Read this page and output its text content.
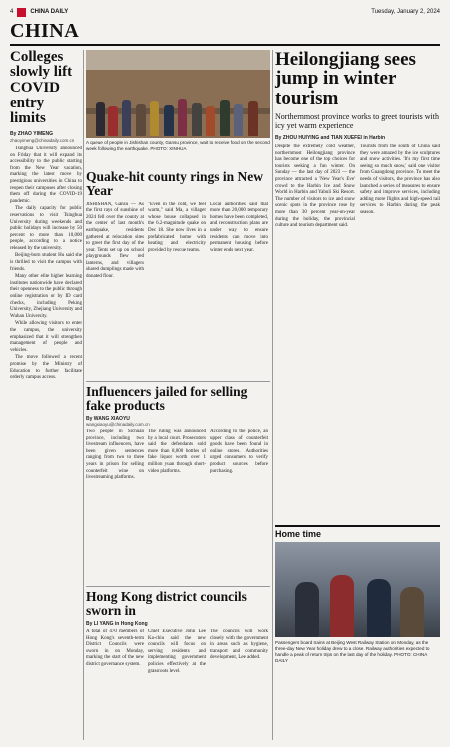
4	CHINA DAILY	Tuesday, January 2, 2024
CHINA
Colleges slowly lift COVID entry limits
By ZHAO YIMENG
zhaoyimeng@chinadaily.com.cn

Tsinghua University announced on Friday that it will expand its accessibility to the public starting from the New Year vacation, marking the latest move by prestigious universities in China to reopen their campuses after closing them off during the COVID-19 pandemic.

The daily capacity for public reservations to visit Tsinghua University during weekends and public holidays will increase by 50 percent to more than 10,000 people, according to a notice released by the university.

Beijing-born student Hu said she is thrilled to visit the campus with friends.

Many other elite higher learning institutes nationwide have declared their openness to the public through online registration or by ID card checks, including Peking University, Zhejiang University and Wuhan University.

While allowing visitors to enter the campus, the university emphasized that it will strengthen management of people and vehicles.

The move followed a recent promise by the Ministry of Education to further facilitate orderly campus access.

A queue of people in Jishishan county, Gansu province, wait to receive food on the second week following the earthquake. PHOTO: XINHUA
Quake-hit county rings in New Year
JISHISHAN, Gansu — As the first rays of sunshine of 2024 fell over the county at the center of last month's earthquake, residents gathered at relocation sites to greet the first day of the year. Tents set up on school playgrounds flew red lanterns, and villagers shared dumplings made with donated flour.
"Even in the cold, we feel warm," said Ma, a villager whose house collapsed in the 6.2-magnitude quake on Dec 18. She now lives in a prefabricated home with heating and electricity provided by rescue teams.
Local authorities said that more than 20,000 temporary homes have been completed, and reconstruction plans are under way to ensure residents can move into permanent housing before winter ends next year.
Influencers jailed for selling fake products
By WANG XIAOYU
wangxiaoyu@chinadaily.com.cn
Two people in Sichuan province, including two livestream influencers, have been given sentences ranging from two to three years in prison for selling counterfeit wine on livestreaming platforms.
The ruling was announced by a local court. Prosecutors said the defendants sold more than 8,000 bottles of fake liquor worth over 1 million yuan through short-video platforms.
According to the police, an upper class of counterfeit goods have been found in online stores. Authorities urged consumers to verify product sources before purchasing.
Hong Kong district councils sworn in
By LI YANG in Hong Kong
A total of 470 members of Hong Kong's seventh-term District Councils were sworn in on Monday, marking the start of the new district governance system.
Chief Executive John Lee Ka-chiu said the new councils will focus on serving residents and implementing government policies effectively at the grassroots level.
The councils will work closely with the government in areas such as hygiene, transport and community development, Lee added.
Heilongjiang sees jump in winter tourism
Northernmost province works to greet tourists with icy yet warm experience
By ZHOU HUIYING and TIAN XUEFEI in Harbin
Despite the extremely cold weather, northernmost Heilongjiang province has become one of the top choices for tourists seeking a fun winter. On Sunday — the last day of 2023 — the province attracted a 'New Year's Eve' crowd to the Harbin Ice and Snow World in Harbin and Yabuli Ski Resort. The number of visitors to ice and snow scenic spots in the province rose by more than 30 percent year-on-year during the holiday, the provincial culture and tourism department said.
Tourists from the south of China said they were amazed by the ice sculptures and snow activities. 'It's my first time seeing so much snow,' said one visitor from Guangdong province. To meet the needs of visitors, the province has also launched a series of measures to ensure safety and improve services, including adding more flights and high-speed rail services to Harbin during the peak season.
Home time
Passengers board trains at Beijing West Railway Station on Monday, as the three-day New Year holiday drew to a close. Railway authorities expected to handle a peak of return trips on the last day of the holiday. PHOTO: CHINA DAILY
